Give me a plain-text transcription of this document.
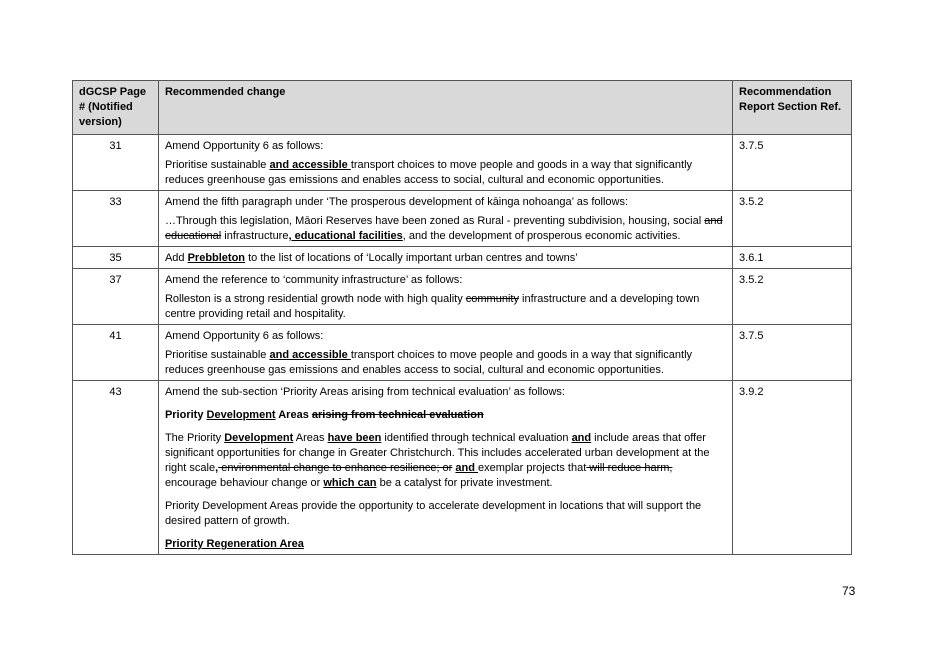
dGCSP Page # (Notified version)	Recommended change	Recommendation Report Section Ref.
31	Amend Opportunity 6 as follows:

Prioritise sustainable and accessible transport choices to move people and goods in a way that significantly reduces greenhouse gas emissions and enables access to social, cultural and economic opportunities.	3.7.5
33	Amend the fifth paragraph under ‘The prosperous development of kāinga nohoanga’ as follows:

…Through this legislation, Māori Reserves have been zoned as Rural - preventing subdivision, housing, social and educational infrastructure, educational facilities, and the development of prosperous economic activities.	3.5.2
35	Add Prebbleton to the list of locations of ‘Locally important urban centres and towns’	3.6.1
37	Amend the reference to ‘community infrastructure’ as follows:

Rolleston is a strong residential growth node with high quality community infrastructure and a developing town centre providing retail and hospitality.	3.5.2
41	Amend Opportunity 6 as follows:

Prioritise sustainable and accessible transport choices to move people and goods in a way that significantly reduces greenhouse gas emissions and enables access to social, cultural and economic opportunities.	3.7.5
43	Amend the sub-section ‘Priority Areas arising from technical evaluation’ as follows:

Priority Development Areas arising from technical evaluation

The Priority Development Areas have been identified through technical evaluation and include areas that offer significant opportunities for change in Greater Christchurch. This includes accelerated urban development at the right scale, environmental change to enhance resilience; or and exemplar projects that will reduce harm, encourage behaviour change or which can be a catalyst for private investment.

Priority Development Areas provide the opportunity to accelerate development in locations that will support the desired pattern of growth.

Priority Regeneration Area	3.9.2
73
